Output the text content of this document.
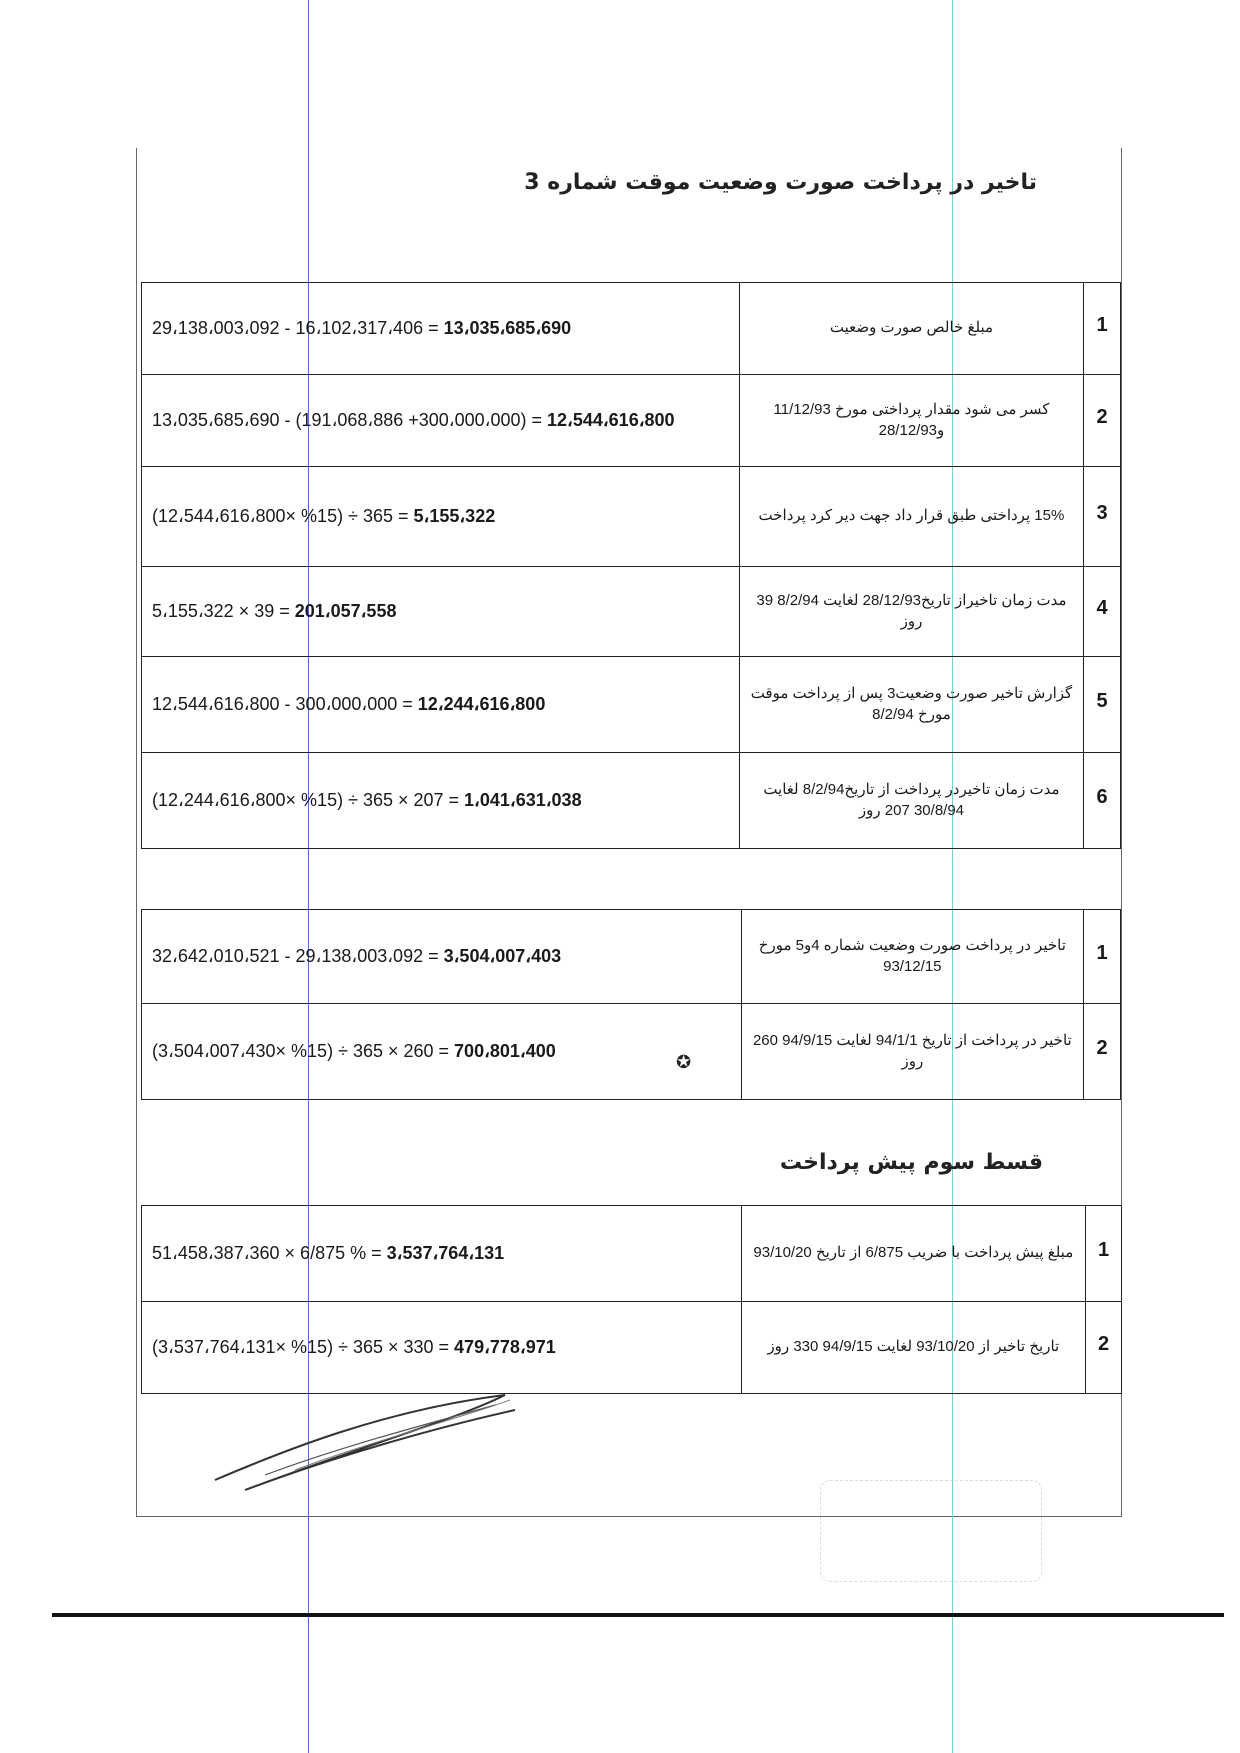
تاخیر در پرداخت صورت وضعیت موقت شماره 3
29،138،003،092 - 16،102،317،406 = 13،035،685،690	مبلغ خالص صورت وضعیت	1
13،035،685،690 - (191،068،886 +300،000،000) = 12،544،616،800	کسر می شود مقدار پرداختی مورخ 11/12/93 و28/12/93	2
(12،544،616،800× %15) ÷ 365 = 5،155،322	15% پرداختی طبق قرار داد جهت دیر کرد پرداخت	3
5،155،322 × 39 = 201،057،558	مدت زمان تاخیراز تاریخ28/12/93 لغایت 8/2/94 39 روز	4
12،544،616،800 - 300،000،000 = 12،244،616،800	گزارش تاخیر صورت وضعیت3 پس از پرداخت موقت مورخ 8/2/94	5
(12،244،616،800× %15) ÷ 365 × 207 = 1،041،631،038	مدت زمان تاخیردر پرداخت از تاریخ8/2/94 لغایت 30/8/94 207 روز	6
32،642،010،521 - 29،138،003،092 = 3،504،007،403	تاخیر در پرداخت صورت وضعیت شماره 4و5 مورخ 93/12/15	1
(3،504،007،430× %15) ÷ 365 × 260 = 700،801،400	تاخیر در پرداخت از تاریخ 94/1/1 لغایت 94/9/15 260 روز	2
✪
قسط سوم پیش پرداخت
51،458،387،360 × 6/875 % = 3،537،764،131	مبلغ پیش پرداخت با ضریب 6/875 از تاریخ 93/10/20	1
(3،537،764،131× %15) ÷ 365 × 330 = 479،778،971	تاریخ تاخیر از 93/10/20 لغایت 94/9/15 330 روز	2
